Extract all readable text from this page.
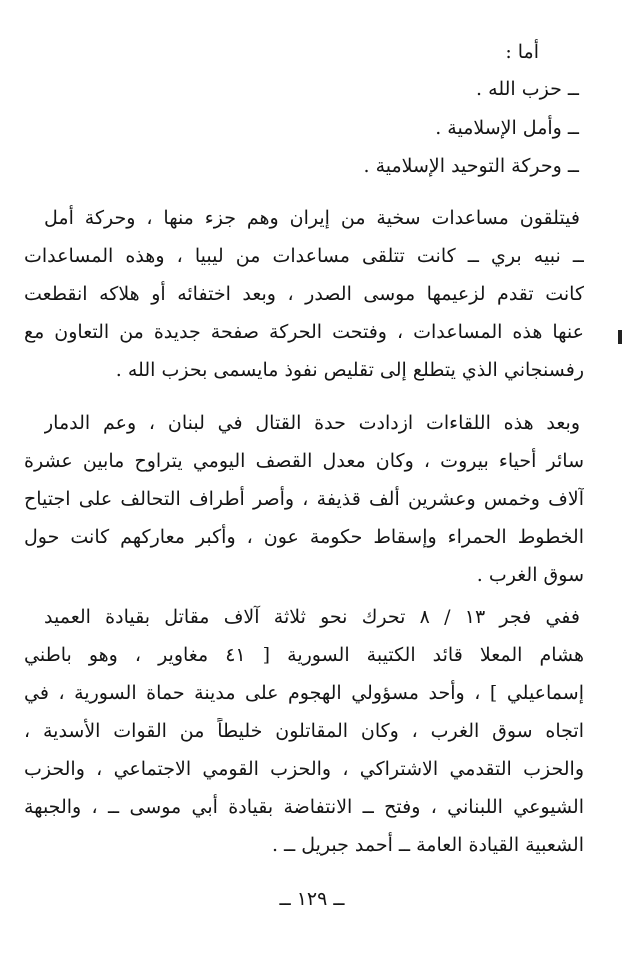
أما :
ــ حزب الله .
ــ وأمل الإسلامية .
ــ وحركة التوحيد الإسلامية .
فيتلقون مساعدات سخية من إيران وهم جزء منها ، وحركة أمل
ــ نبيه بري ــ كانت تتلقى مساعدات من ليبيا ، وهذه المساعدات
كانت تقدم لزعيمها موسى الصدر ، وبعد اختفائه أو هلاكه انقطعت
عنها هذه المساعدات ، وفتحت الحركة صفحة جديدة من التعاون مع
رفسنجاني الذي يتطلع إلى تقليص نفوذ مايسمى بحزب الله .
وبعد هذه اللقاءات ازدادت حدة القتال في لبنان ، وعم الدمار
سائر أحياء بيروت ، وكان معدل القصف اليومي يتراوح مابين عشرة
آلاف وخمس وعشرين ألف قذيفة ، وأصر أطراف التحالف على اجتياح
الخطوط الحمراء وإسقاط حكومة عون ، وأكبر معاركهم كانت حول
سوق الغرب .
ففي فجر ١٣ / ٨ تحرك نحو ثلاثة آلاف مقاتل بقيادة العميد
هشام المعلا قائد الكتيبة السورية [ ٤١ مغاوير ، وهو باطني
إسماعيلي ] ، وأحد مسؤولي الهجوم على مدينة حماة السورية ، في
اتجاه سوق الغرب ، وكان المقاتلون خليطاً من القوات الأسدية ،
والحزب التقدمي الاشتراكي ، والحزب القومي الاجتماعي ، والحزب
الشيوعي اللبناني ، وفتح ــ الانتفاضة بقيادة أبي موسى ــ ، والجبهة
الشعبية القيادة العامة ــ أحمد جبريل ــ .
ــ ١٢٩ ــ
